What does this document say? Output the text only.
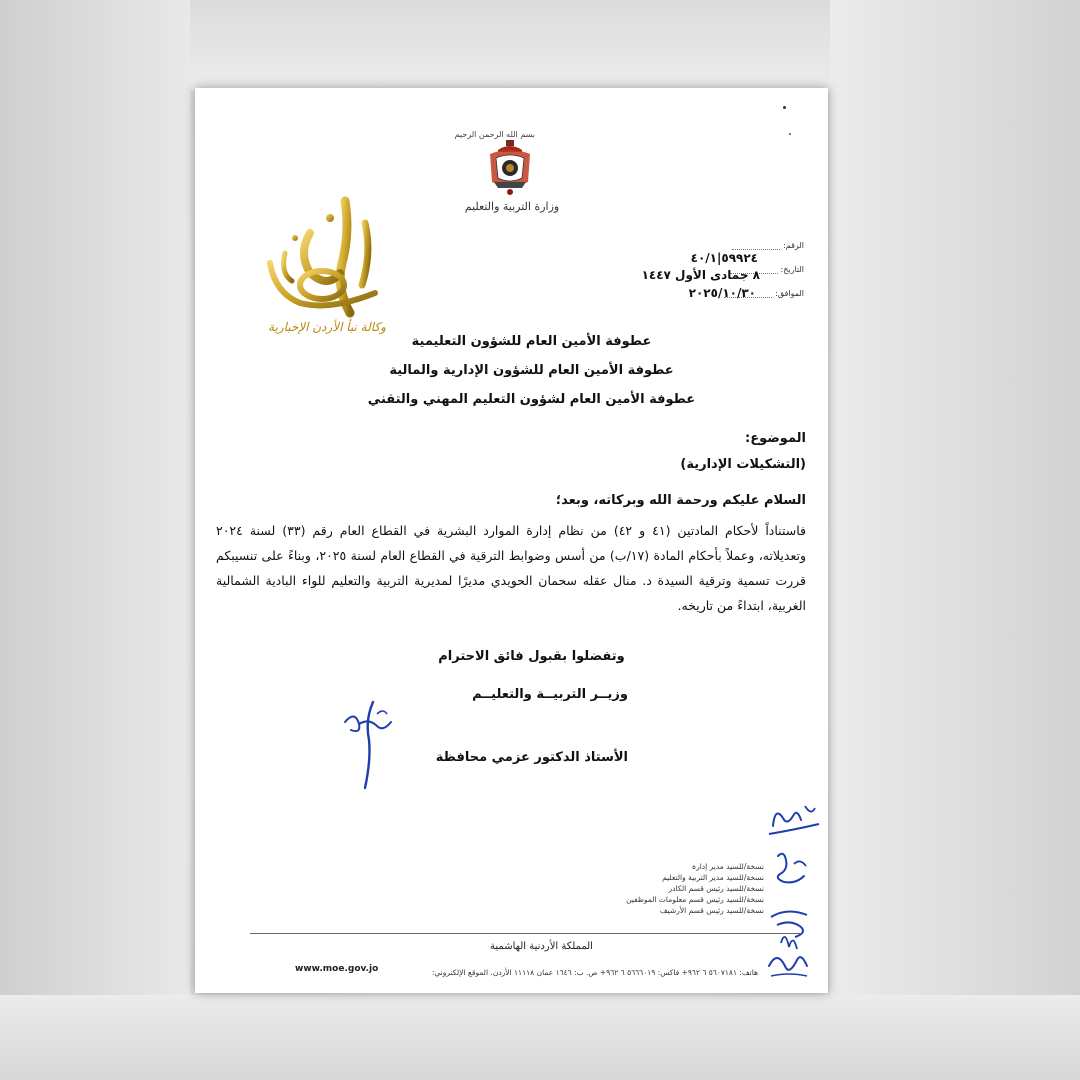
بسم الله الرحمن الرحيم
وزارة التربية والتعليم
وكالة نبأ الأردن الإخبارية
الرقم:
٥٩٩٢٤|٤٠/١
التاريخ:
٨ جمادى الأول ١٤٤٧
الموافق:
٢٠٢٥/١٠/٣٠
عطوفة الأمين العام للشؤون التعليمية
عطوفة الأمين العام للشؤون الإدارية والمالية
عطوفة الأمين العام لشؤون التعليم المهني والتقني
الموضوع:
(التشكيلات الإدارية)
السلام عليكم ورحمة الله وبركاته، وبعد؛
فاستناداً لأحكام المادتين (٤١ و ٤٢) من نظام إدارة الموارد البشرية في القطاع العام رقم (٣٣) لسنة ٢٠٢٤ وتعديلاته، وعملاً بأحكام المادة (١٧/ب) من أسس وضوابط الترقية في القطاع العام لسنة ٢٠٢٥، وبناءً على تنسيبكم قررت تسمية وترقية السيدة د. منال عقله سحمان الحويدي مديرًا لمديرية التربية والتعليم للواء البادية الشمالية الغربية، ابتداءً من تاريخه.
وتفضلوا بقبول فائق الاحترام
وزيــر التربيــة والتعليــم
الأستاذ الدكتور عزمي محافظة
نسخة/للسيد مدير إدارة
نسخة/للسيد مدير التربية والتعليم
نسخة/للسيد رئيس قسم الكادر
نسخة/للسيد رئيس قسم معلومات الموظفين
نسخة/للسيد رئيس قسم الأرشيف
المملكة الأردنية الهاشمية
هاتف: ٥٦٠٧١٨١ ٦ ٩٦٢+ فاكس: ٥٦٦٦٠١٩ ٦ ٩٦٢+ ص. ب: ١٦٤٦ عمان ١١١١٨ الأردن. الموقع الإلكتروني:
www.moe.gov.jo
